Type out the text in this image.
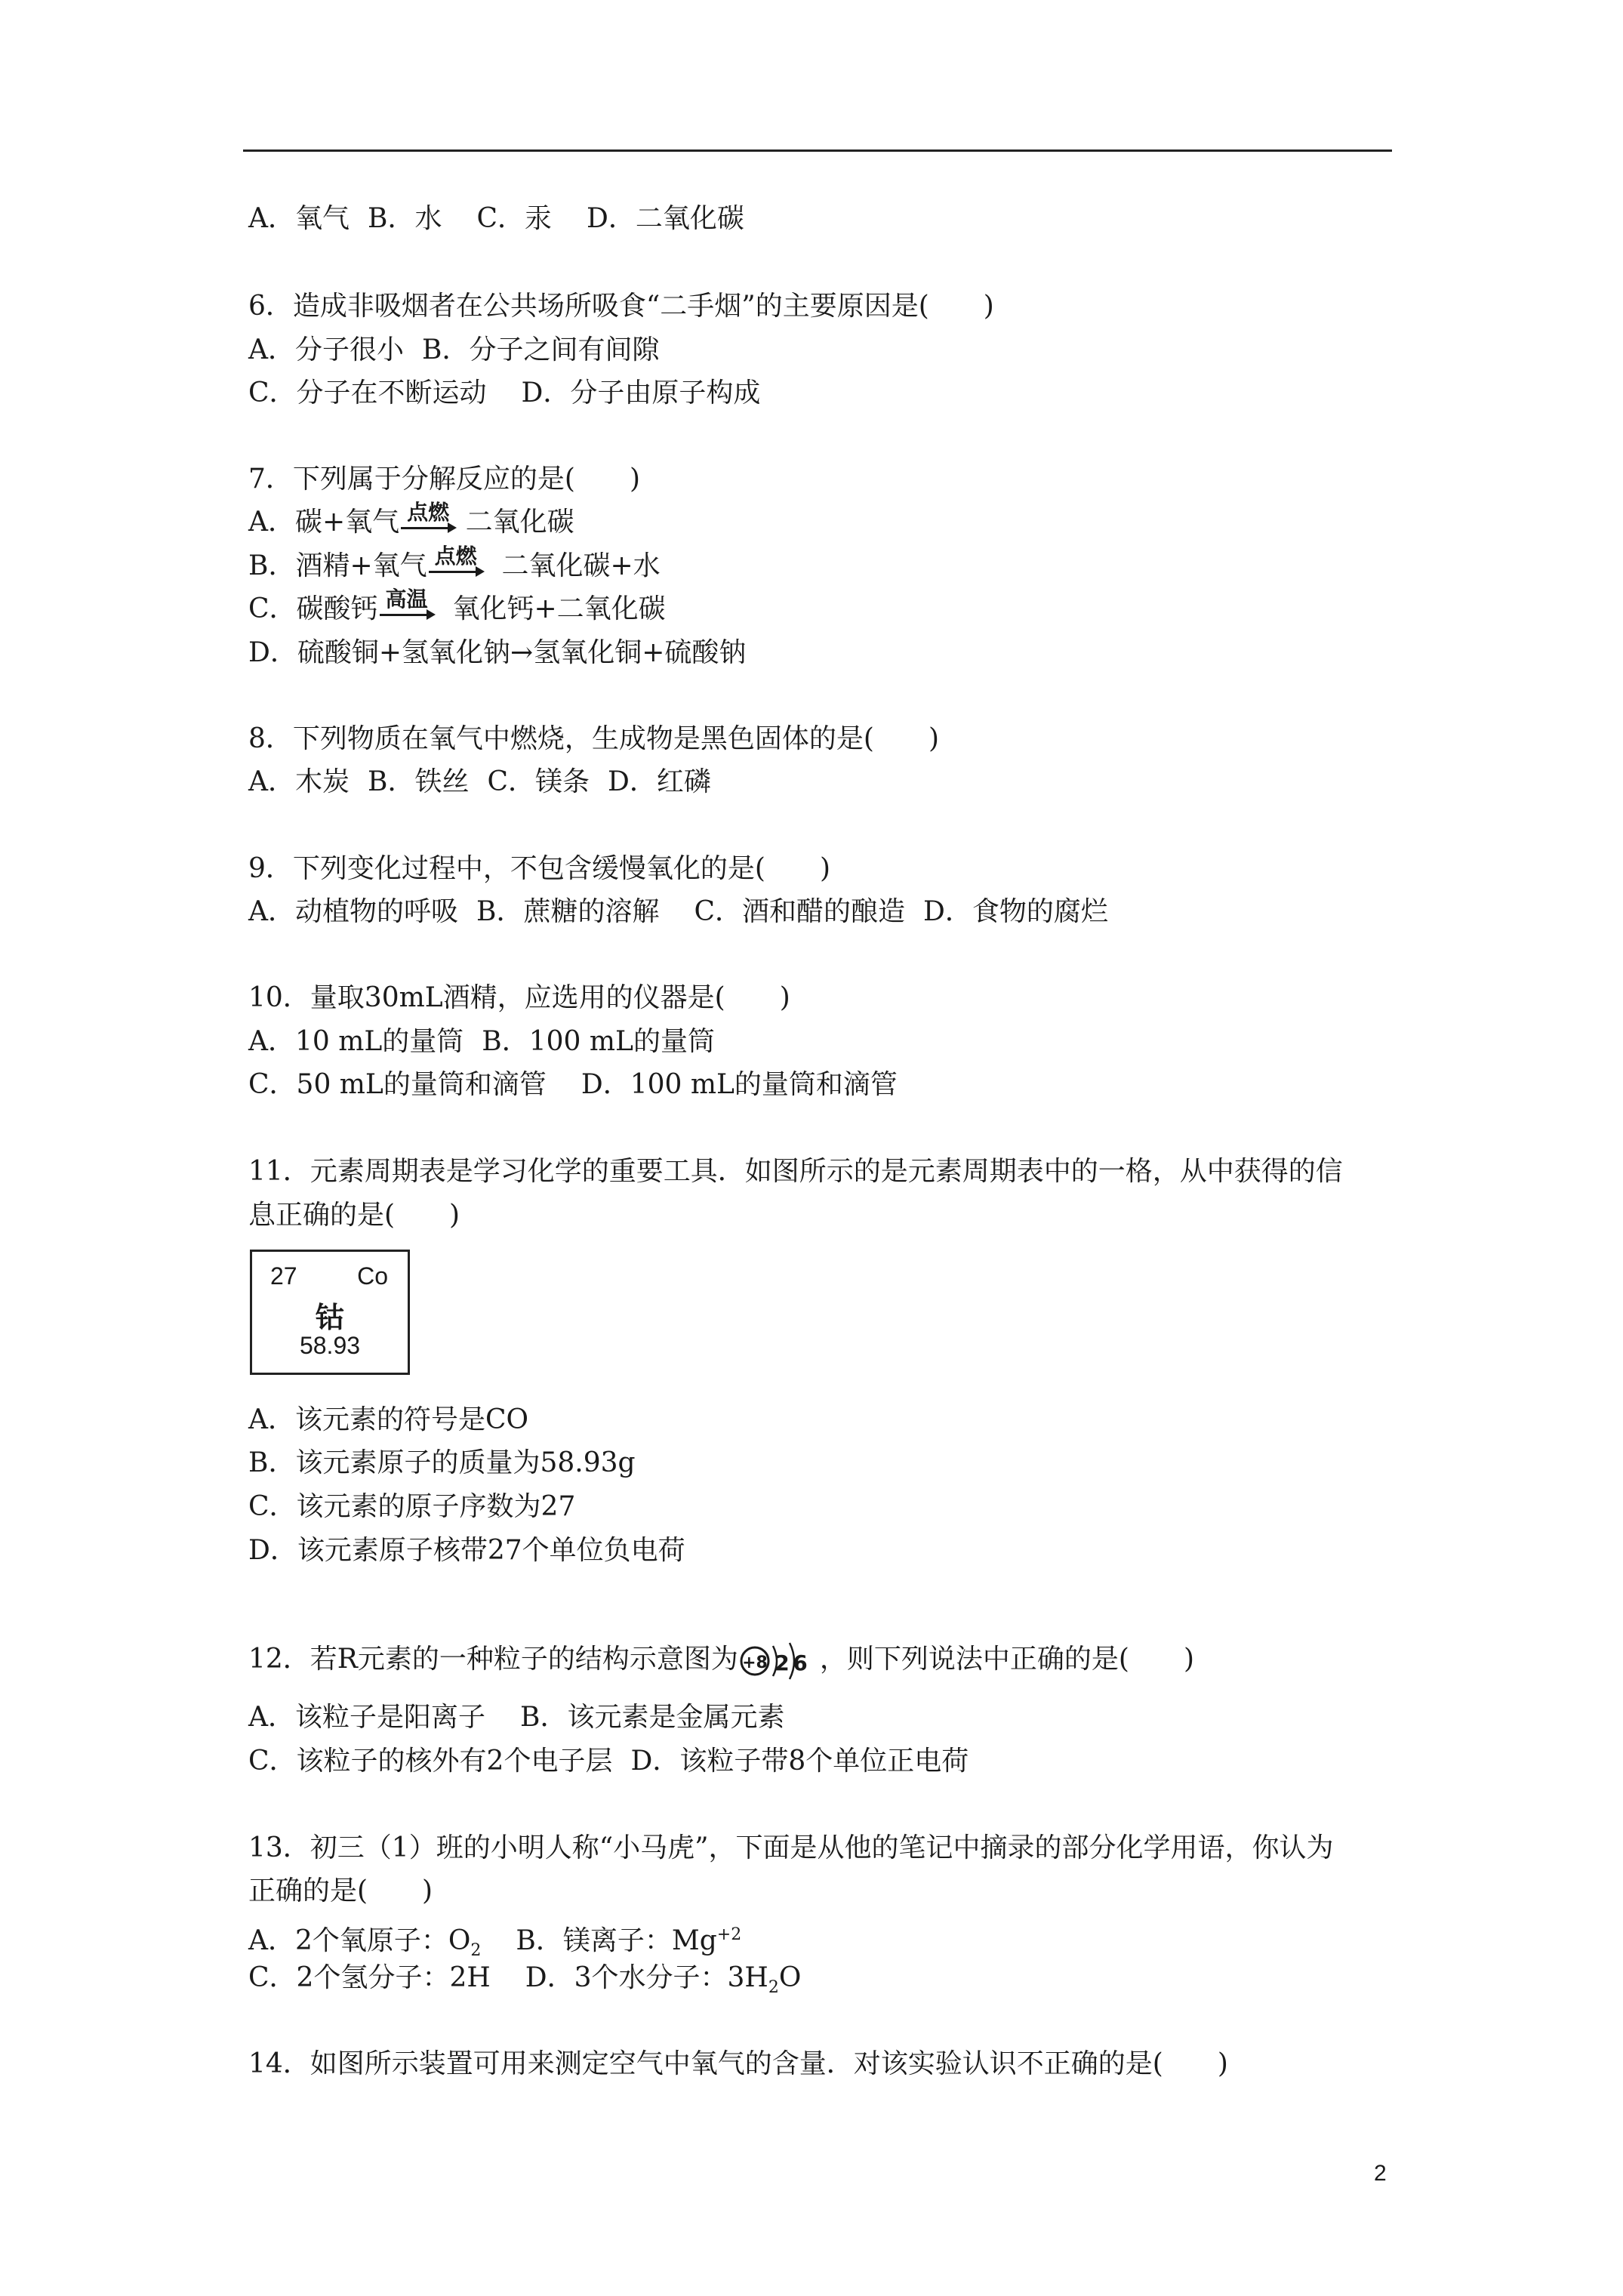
A．氧气 B．水 C．汞 D．二氧化碳
6．造成非吸烟者在公共场所吸食“二手烟”的主要原因是(　　)
A．分子很小 B．分子之间有间隙
C．分子在不断运动 D．分子由原子构成
7．下列属于分解反应的是(　　)
A．碳+氧气 点燃 二氧化碳
B．酒精+氧气 点燃 二氧化碳+水
C．碳酸钙 高温 氧化钙+二氧化碳
D．硫酸铜+氢氧化钠→氢氧化铜+硫酸钠
8．下列物质在氧气中燃烧，生成物是黑色固体的是(　　)
A．木炭 B．铁丝 C．镁条 D．红磷
9．下列变化过程中，不包含缓慢氧化的是(　　)
A．动植物的呼吸 B．蔗糖的溶解 C．酒和醋的酿造 D．食物的腐烂
10．量取30mL酒精，应选用的仪器是(　　)
A．10 mL的量筒 B．100 mL的量筒
C．50 mL的量筒和滴管 D．100 mL的量筒和滴管
11．元素周期表是学习化学的重要工具．如图所示的是元素周期表中的一格，从中获得的信
息正确的是(　　)
27 Co
钴
58.93
A．该元素的符号是CO
B．该元素原子的质量为58.93g
C．该元素的原子序数为27
D．该元素原子核带27个单位负电荷
12．若R元素的一种粒子的结构示意图为 +8 2 6 ，则下列说法中正确的是(　　)
A．该粒子是阳离子 B．该元素是金属元素
C．该粒子的核外有2个电子层 D．该粒子带8个单位正电荷
13．初三（1）班的小明人称“小马虎”，下面是从他的笔记中摘录的部分化学用语，你认为
正确的是(　　)
A．2个氧原子：$O_2$ B．镁离子：$Mg^{+2}$
C．2个氢分子：2H D．3个水分子：$3H_2O$
14．如图所示装置可用来测定空气中氧气的含量．对该实验认识不正确的是(　　)
2
